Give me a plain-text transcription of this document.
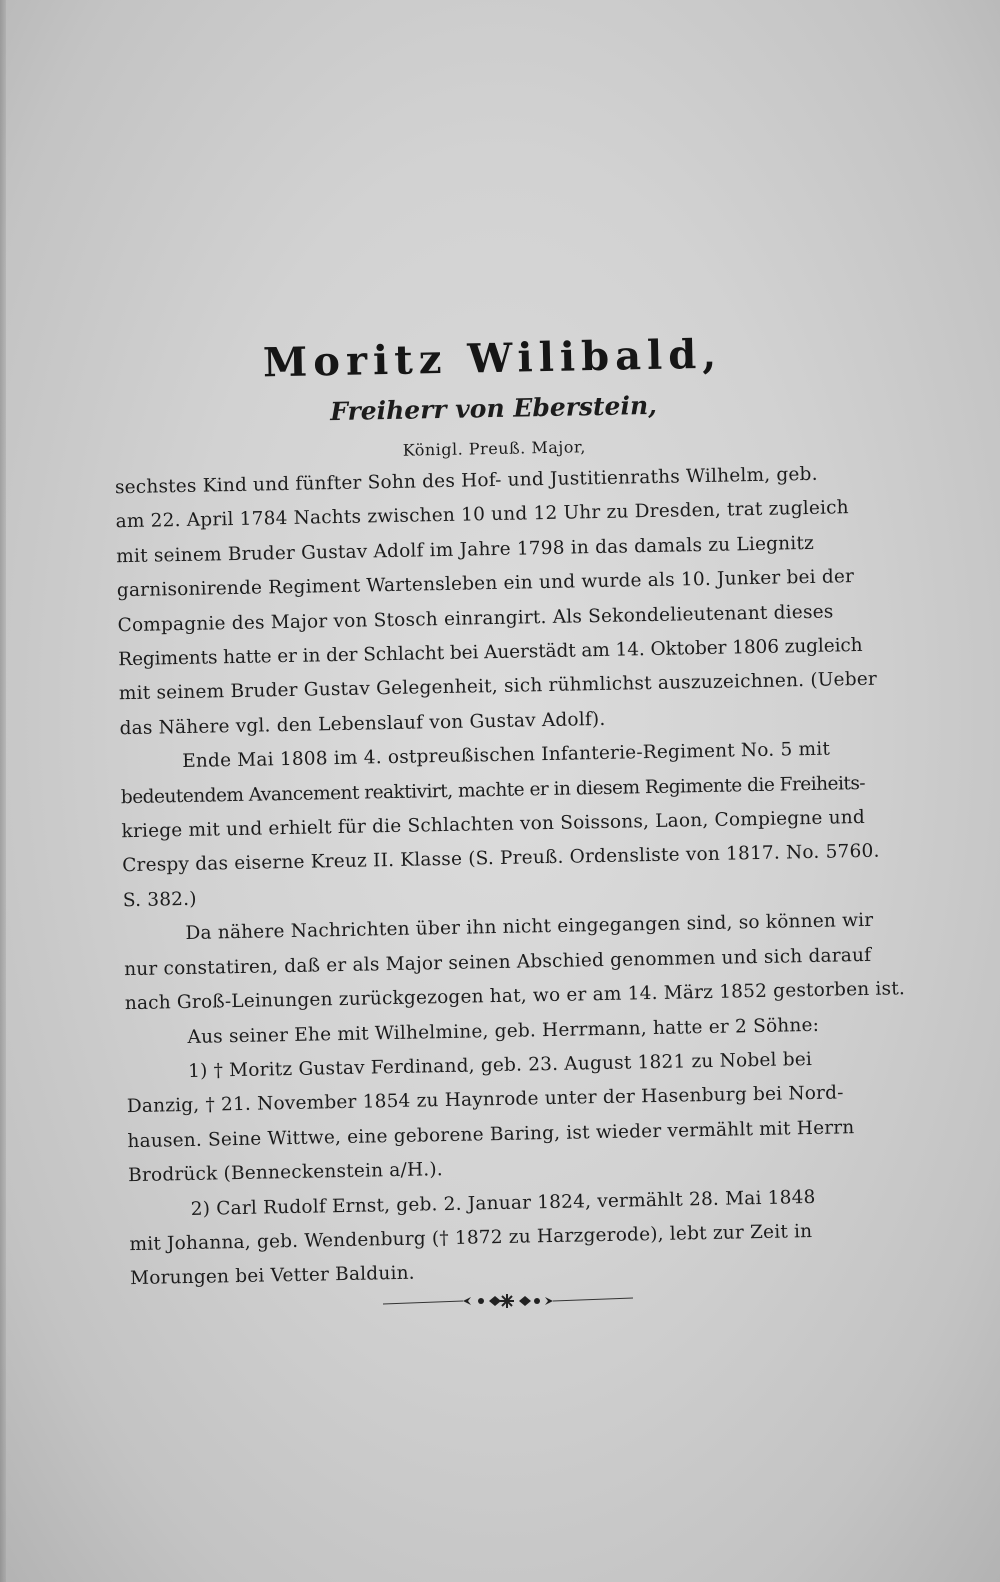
Moritz Wilibald,
Freiherr von Eberstein,

Königl. Preuß. Major,

sechstes Kind und fünfter Sohn des Hof- und Justitienraths Wilhelm, geb.
am 22. April 1784 Nachts zwischen 10 und 12 Uhr zu Dresden, trat zugleich
mit seinem Bruder Gustav Adolf im Jahre 1798 in das damals zu Liegnitz
garnisonirende Regiment Wartensleben ein und wurde als 10. Junker bei der
Compagnie des Major von Stosch einrangirt. Als Sekondelieutenant dieses
Regiments hatte er in der Schlacht bei Auerstädt am 14. Oktober 1806 zugleich
mit seinem Bruder Gustav Gelegenheit, sich rühmlichst auszuzeichnen. (Ueber
das Nähere vgl. den Lebenslauf von Gustav Adolf).

Ende Mai 1808 im 4. ostpreußischen Infanterie-Regiment No. 5 mit
bedeutendem Avancement reaktivirt, machte er in diesem Regimente die Freiheits-
kriege mit und erhielt für die Schlachten von Soissons, Laon, Compiegne und
Crespy das eiserne Kreuz II. Klasse (S. Preuß. Ordensliste von 1817. No. 5760.
S. 382.)

Da nähere Nachrichten über ihn nicht eingegangen sind, so können wir
nur constatiren, daß er als Major seinen Abschied genommen und sich darauf
nach Groß-Leinungen zurückgezogen hat, wo er am 14. März 1852 gestorben ist.

Aus seiner Ehe mit Wilhelmine, geb. Herrmann, hatte er 2 Söhne:

1) † Moritz Gustav Ferdinand, geb. 23. August 1821 zu Nobel bei
Danzig, † 21. November 1854 zu Haynrode unter der Hasenburg bei Nord-
hausen. Seine Wittwe, eine geborene Baring, ist wieder vermählt mit Herrn
Brodrück (Benneckenstein a/H.).

2) Carl Rudolf Ernst, geb. 2. Januar 1824, vermählt 28. Mai 1848
mit Johanna, geb. Wendenburg († 1872 zu Harzgerode), lebt zur Zeit in
Morungen bei Vetter Balduin.
